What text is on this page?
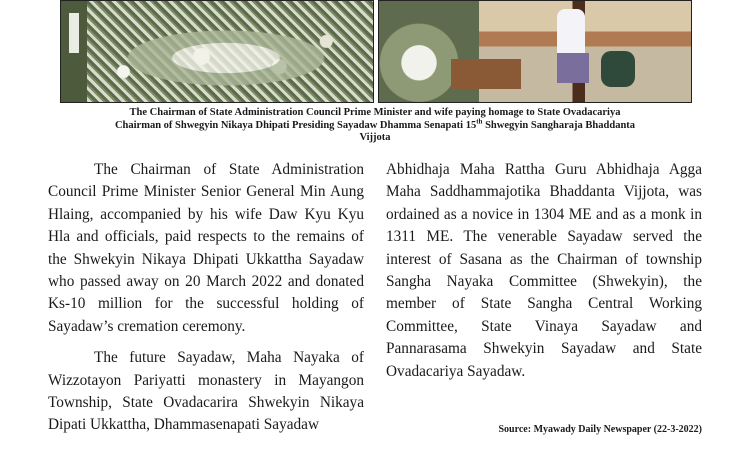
The Chairman of State Administration Council Prime Minister and wife paying homage to State Ovadacariya
Chairman of Shwegyin Nikaya Dhipati Presiding Sayadaw Dhamma Senapati 15th Shwegyin Sangharaja Bhaddanta
Vijjota

The Chairman of State Administration Council Prime Minister Senior General Min Aung Hlaing, accompanied by his wife Daw Kyu Kyu Hla and officials, paid respects to the remains of the Shwekyin Nikaya Dhipati Ukkattha Sayadaw who passed away on 20 March 2022 and donated Ks-10 million for the successful holding of Sayadaw’s cremation ceremony.

The future Sayadaw, Maha Nayaka of Wizzotayon Pariyatti monastery in Mayangon Township, State Ovadacarira Shwekyin Nikaya Dipati Ukkattha, Dhammasenapati Sayadaw

Abhidhaja Maha Rattha Guru Abhidhaja Agga Maha Saddhammajotika Bhaddanta Vijjota, was ordained as a novice in 1304 ME and as a monk in 1311 ME. The venerable Sayadaw served the interest of Sasana as the Chairman of township Sangha Nayaka Committee (Shwekyin), the member of State Sangha Central Working Committee, State Vinaya Sayadaw and Pannarasama Shwekyin Sayadaw and State Ovadacariya Sayadaw.

Source: Myawady Daily Newspaper (22-3-2022)
